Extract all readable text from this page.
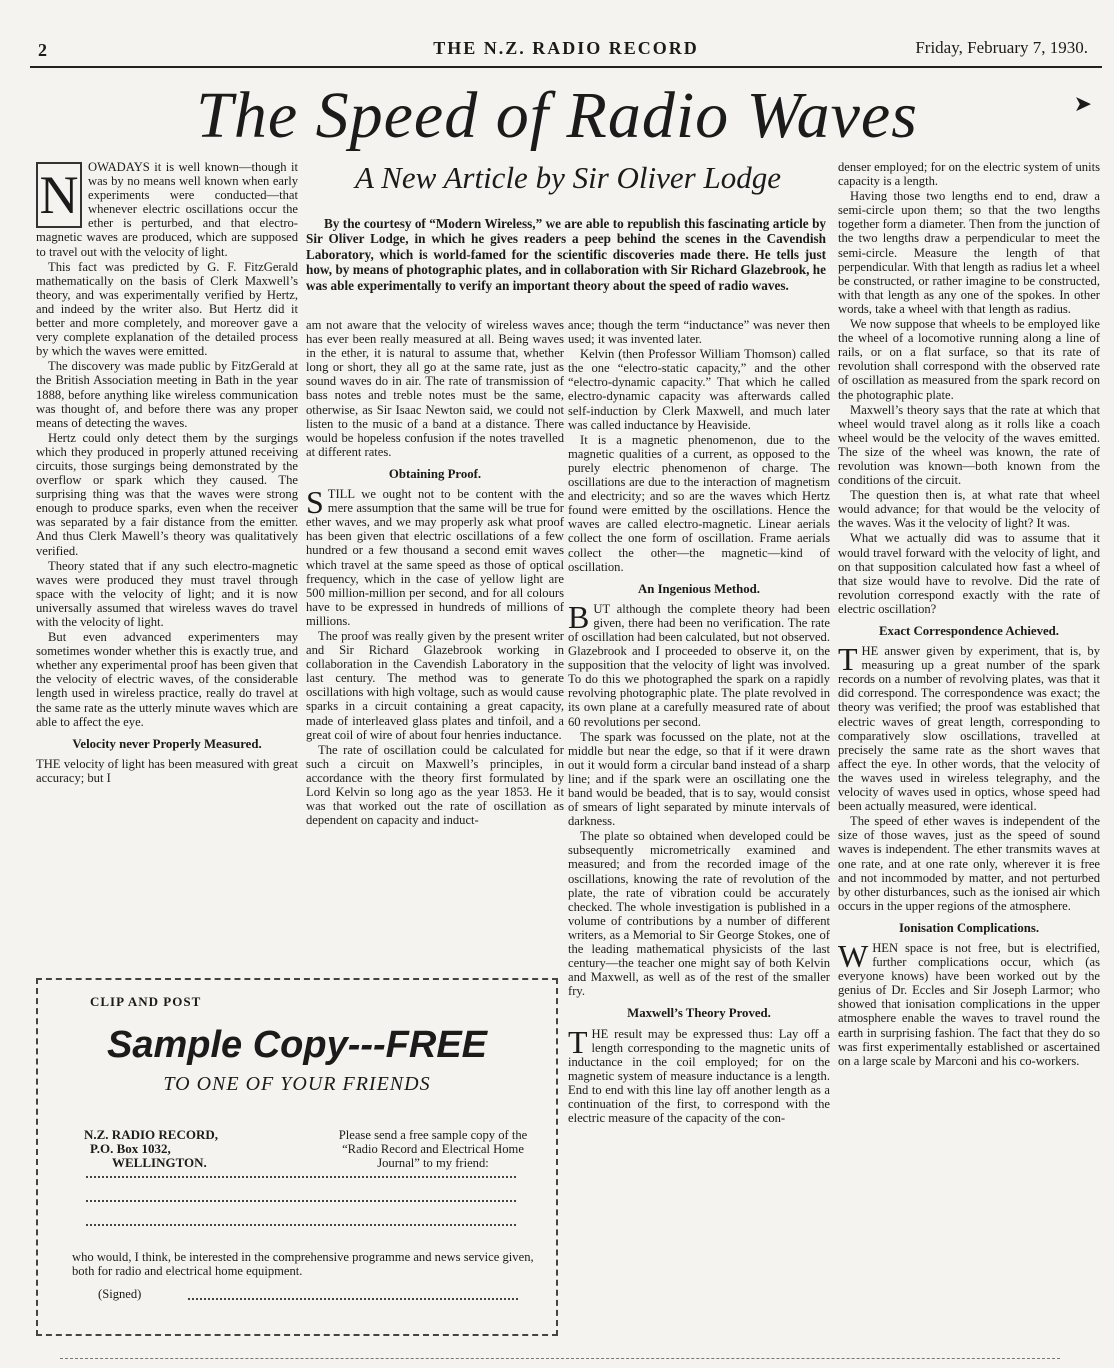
2	THE N.Z. RADIO RECORD	Friday, February 7, 1930.
The Speed of Radio Waves	➤
A New Article by Sir Oliver Lodge
By the courtesy of “Modern Wireless,” we are able to republish this fascinating article by Sir Oliver Lodge, in which he gives readers a peep behind the scenes in the Cavendish Laboratory, which is world-famed for the scientific discoveries made there. He tells just how, by means of photographic plates, and in collaboration with Sir Richard Glazebrook, he was able experimentally to verify an important theory about the speed of radio waves.

N OWADAYS it is well known—though it was by no means well known when early experiments were conducted—that whenever electric oscillations occur the ether is perturbed, and that electro-magnetic waves are produced, which are supposed to travel out with the velocity of light.

This fact was predicted by G. F. FitzGerald mathematically on the basis of Clerk Maxwell’s theory, and was experimentally verified by Hertz, and indeed by the writer also. But Hertz did it better and more completely, and moreover gave a very complete explanation of the detailed process by which the waves were emitted.

The discovery was made public by FitzGerald at the British Association meeting in Bath in the year 1888, before anything like wireless communication was thought of, and before there was any proper means of detecting the waves.

Hertz could only detect them by the surgings which they produced in properly attuned receiving circuits, those surgings being demonstrated by the overflow or spark which they caused. The surprising thing was that the waves were strong enough to produce sparks, even when the receiver was separated by a fair distance from the emitter. And thus Clerk Mawell’s theory was qualitatively verified.

Theory stated that if any such electro-magnetic waves were produced they must travel through space with the velocity of light; and it is now universally assumed that wireless waves do travel with the velocity of light.

But even advanced experimenters may sometimes wonder whether this is exactly true, and whether any experimental proof has been given that the velocity of electric waves, of the considerable length used in wireless practice, really do travel at the same rate as the utterly minute waves which are able to affect the eye.

Velocity never Properly Measured.

THE velocity of light has been measured with great accuracy; but I

am not aware that the velocity of wireless waves has ever been really measured at all. Being waves in the ether, it is natural to assume that, whether long or short, they all go at the same rate, just as sound waves do in air. The rate of transmission of bass notes and treble notes must be the same, otherwise, as Sir Isaac Newton said, we could not listen to the music of a band at a distance. There would be hopeless confusion if the notes travelled at different rates.

Obtaining Proof.

STILL we ought not to be content with the mere assumption that the same will be true for ether waves, and we may properly ask what proof has been given that electric oscillations of a few hundred or a few thousand a second emit waves which travel at the same speed as those of optical frequency, which in the case of yellow light are 500 million-million per second, and for all colours have to be expressed in hundreds of millions of millions.

The proof was really given by the present writer and Sir Richard Glazebrook working in collaboration in the Cavendish Laboratory in the last century. The method was to generate oscillations with high voltage, such as would cause sparks in a circuit containing a great capacity, made of interleaved glass plates and tinfoil, and a great coil of wire of about four henries inductance.

The rate of oscillation could be calculated for such a circuit on Maxwell’s principles, in accordance with the theory first formulated by Lord Kelvin so long ago as the year 1853. He it was that worked out the rate of oscillation as dependent on capacity and induct-

ance; though the term “inductance” was never then used; it was invented later.

Kelvin (then Professor William Thomson) called the one “electro-static capacity,” and the other “electro-dynamic capacity.” That which he called electro-dynamic capacity was afterwards called self-induction by Clerk Maxwell, and much later was called inductance by Heaviside.

It is a magnetic phenomenon, due to the magnetic qualities of a current, as opposed to the purely electric phenomenon of charge. The oscillations are due to the interaction of magnetism and electricity; and so are the waves which Hertz found were emitted by the oscillations. Hence the waves are called electro-magnetic. Linear aerials collect the one form of oscillation. Frame aerials collect the other—the magnetic—kind of oscillation.

An Ingenious Method.

BUT although the complete theory had been given, there had been no verification. The rate of oscillation had been calculated, but not observed. Glazebrook and I proceeded to observe it, on the supposition that the velocity of light was involved. To do this we photographed the spark on a rapidly revolving photographic plate. The plate revolved in its own plane at a carefully measured rate of about 60 revolutions per second.

The spark was focussed on the plate, not at the middle but near the edge, so that if it were drawn out it would form a circular band instead of a sharp line; and if the spark were an oscillating one the band would be beaded, that is to say, would consist of smears of light separated by minute intervals of darkness.

The plate so obtained when developed could be subsequently micrometrically examined and measured; and from the recorded image of the oscillations, knowing the rate of revolution of the plate, the rate of vibration could be accurately checked. The whole investigation is published in a volume of contributions by a number of different writers, as a Memorial to Sir George Stokes, one of the leading mathematical physicists of the last century—the teacher one might say of both Kelvin and Maxwell, as well as of the rest of the smaller fry.

Maxwell’s Theory Proved.

THE result may be expressed thus: Lay off a length corresponding to the magnetic units of inductance in the coil employed; for on the magnetic system of measure inductance is a length. End to end with this line lay off another length as a continuation of the first, to correspond with the electric measure of the capacity of the con-

denser employed; for on the electric system of units capacity is a length.

Having those two lengths end to end, draw a semi-circle upon them; so that the two lengths together form a diameter. Then from the junction of the two lengths draw a perpendicular to meet the semi-circle. Measure the length of that perpendicular. With that length as radius let a wheel be constructed, or rather imagine to be constructed, with that length as any one of the spokes. In other words, take a wheel with that length as radius.

We now suppose that wheels to be employed like the wheel of a locomotive running along a line of rails, or on a flat surface, so that its rate of revolution shall correspond with the observed rate of oscillation as measured from the spark record on the photographic plate.

Maxwell’s theory says that the rate at which that wheel would travel along as it rolls like a coach wheel would be the velocity of the waves emitted. The size of the wheel was known, the rate of revolution was known—both known from the conditions of the circuit.

The question then is, at what rate that wheel would advance; for that would be the velocity of the waves. Was it the velocity of light? It was.

What we actually did was to assume that it would travel forward with the velocity of light, and on that supposition calculated how fast a wheel of that size would have to revolve. Did the rate of revolution correspond exactly with the rate of electric oscillation?

Exact Correspondence Achieved.

THE answer given by experiment, that is, by measuring up a great number of the spark records on a number of revolving plates, was that it did correspond. The correspondence was exact; the theory was verified; the proof was established that electric waves of great length, corresponding to comparatively slow oscillations, travelled at precisely the same rate as the short waves that affect the eye. In other words, that the velocity of the waves used in wireless telegraphy, and the velocity of waves used in optics, whose speed had been actually measured, were identical.

The speed of ether waves is independent of the size of those waves, just as the speed of sound waves is independent. The ether transmits waves at one rate, and at one rate only, wherever it is free and not incommoded by matter, and not perturbed by other disturbances, such as the ionised air which occurs in the upper regions of the atmosphere.

Ionisation Complications.

WHEN space is not free, but is electrified, further complications occur, which (as everyone knows) have been worked out by the genius of Dr. Eccles and Sir Joseph Larmor; who showed that ionisation complications in the upper atmosphere enable the waves to travel round the earth in surprising fashion. The fact that they do so was first experimentally established or ascertained on a large scale by Marconi and his co-workers.

CLIP AND POST
Sample Copy---FREE
TO ONE OF YOUR FRIENDS
N.Z. RADIO RECORD,
P.O. Box 1032,
WELLINGTON.
Please send a free sample copy of the “Radio Record and Electrical Home Journal” to my friend:
who would, I think, be interested in the comprehensive programme and news service given, both for radio and electrical home equipment.
(Signed)
